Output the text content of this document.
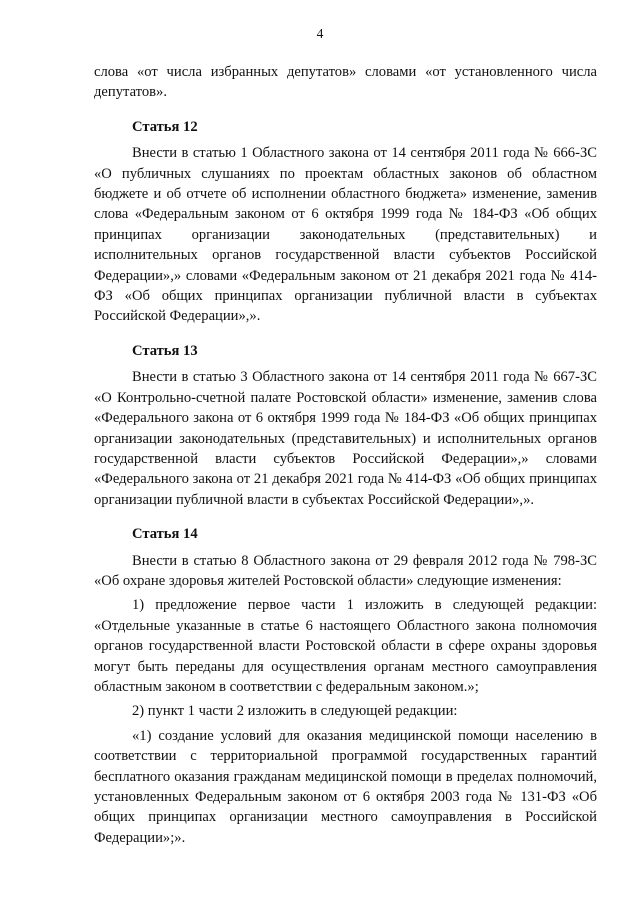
4

слова «от числа избранных депутатов» словами «от установленного числа депутатов».

Статья 12

Внести в статью 1 Областного закона от 14 сентября 2011 года № 666-ЗС «О публичных слушаниях по проектам областных законов об областном бюджете и об отчете об исполнении областного бюджета» изменение, заменив слова «Федеральным законом от 6 октября 1999 года № 184-ФЗ «Об общих принципах организации законодательных (представительных) и исполнительных органов государственной власти субъектов Российской Федерации»,» словами «Федеральным законом от 21 декабря 2021 года № 414-ФЗ «Об общих принципах организации публичной власти в субъектах Российской Федерации»,».

Статья 13

Внести в статью 3 Областного закона от 14 сентября 2011 года № 667-ЗС «О Контрольно-счетной палате Ростовской области» изменение, заменив слова «Федерального закона от 6 октября 1999 года № 184-ФЗ «Об общих принципах организации законодательных (представительных) и исполнительных органов государственной власти субъектов Российской Федерации»,» словами «Федерального закона от 21 декабря 2021 года № 414-ФЗ «Об общих принципах организации публичной власти в субъектах Российской Федерации»,».

Статья 14

Внести в статью 8 Областного закона от 29 февраля 2012 года № 798-ЗС «Об охране здоровья жителей Ростовской области» следующие изменения:

1) предложение первое части 1 изложить в следующей редакции: «Отдельные указанные в статье 6 настоящего Областного закона полномочия органов государственной власти Ростовской области в сфере охраны здоровья могут быть переданы для осуществления органам местного самоуправления областным законом в соответствии с федеральным законом.»;

2) пункт 1 части 2 изложить в следующей редакции:

«1) создание условий для оказания медицинской помощи населению в соответствии с территориальной программой государственных гарантий бесплатного оказания гражданам медицинской помощи в пределах полномочий, установленных Федеральным законом от 6 октября 2003 года № 131-ФЗ «Об общих принципах организации местного самоуправления в Российской Федерации»;».
